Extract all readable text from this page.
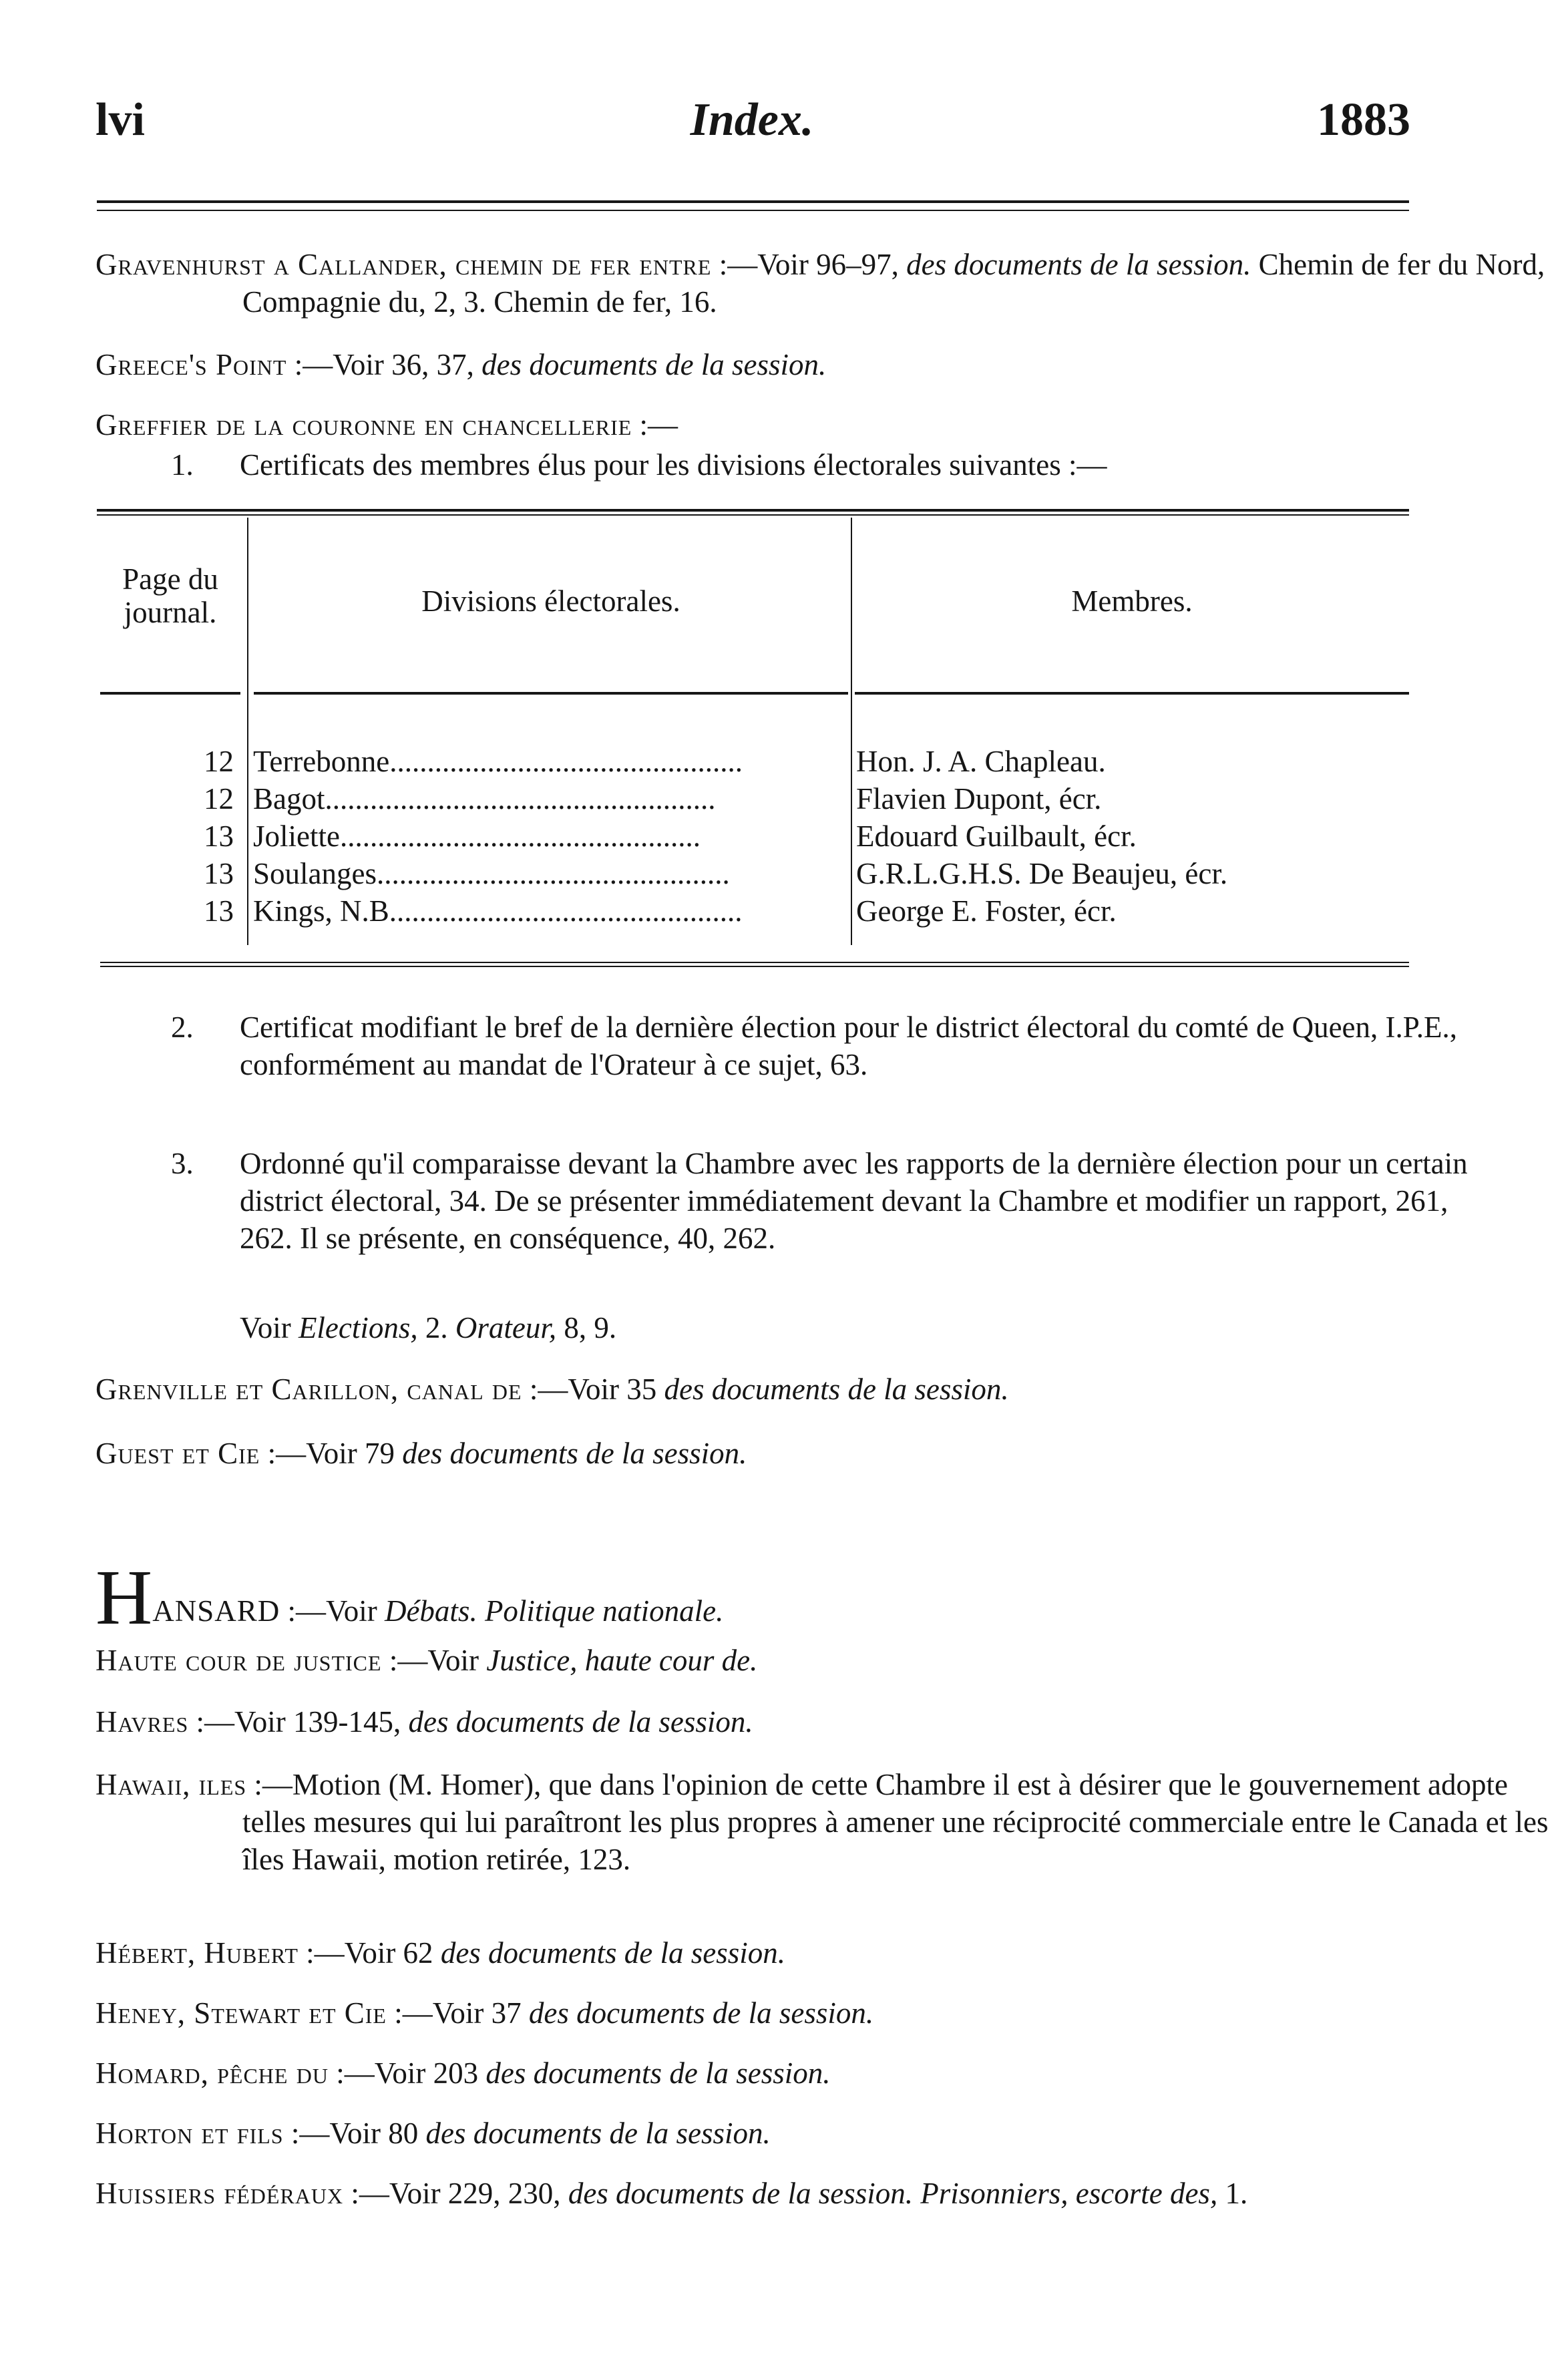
lvi	Index.	1883
Gravenhurst a Callander, chemin de fer entre :—Voir 96–97, des documents de la session. Chemin de fer du Nord, Compagnie du, 2, 3. Chemin de fer, 16.
Greece's Point :—Voir 36, 37, des documents de la session.
Greffier de la couronne en chancellerie :—
1. Certificats des membres élus pour les divisions électorales suivantes :—
Page du journal.	Divisions électorales.	Membres.
12 Terrebonne...............................................	Hon. J. A. Chapleau.
12 Bagot....................................................	Flavien Dupont, écr.
13 Joliette................................................	Edouard Guilbault, écr.
13 Soulanges...............................................	G.R.L.G.H.S. De Beaujeu, écr.
13 Kings, N.B...............................................	George E. Foster, écr.
2. Certificat modifiant le bref de la dernière élection pour le district électoral du comté de Queen, I.P.E., conformément au mandat de l'Orateur à ce sujet, 63.
3. Ordonné qu'il comparaisse devant la Chambre avec les rapports de la dernière élection pour un certain district électoral, 34. De se présenter immédiatement devant la Chambre et modifier un rapport, 261, 262. Il se présente, en conséquence, 40, 262.
Voir Elections, 2. Orateur, 8, 9.
Grenville et Carillon, canal de :—Voir 35 des documents de la session.
Guest et Cie :—Voir 79 des documents de la session.
HANSARD :—Voir Débats. Politique nationale.
Haute cour de justice :—Voir Justice, haute cour de.
Havres :—Voir 139-145, des documents de la session.
Hawaii, iles :—Motion (M. Homer), que dans l'opinion de cette Chambre il est à désirer que le gouvernement adopte telles mesures qui lui paraîtront les plus propres à amener une réciprocité commerciale entre le Canada et les îles Hawaii, motion retirée, 123.
Hébert, Hubert :—Voir 62 des documents de la session.
Heney, Stewart et Cie :—Voir 37 des documents de la session.
Homard, pêche du :—Voir 203 des documents de la session.
Horton et fils :—Voir 80 des documents de la session.
Huissiers fédéraux :—Voir 229, 230, des documents de la session. Prisonniers, escorte des, 1.
